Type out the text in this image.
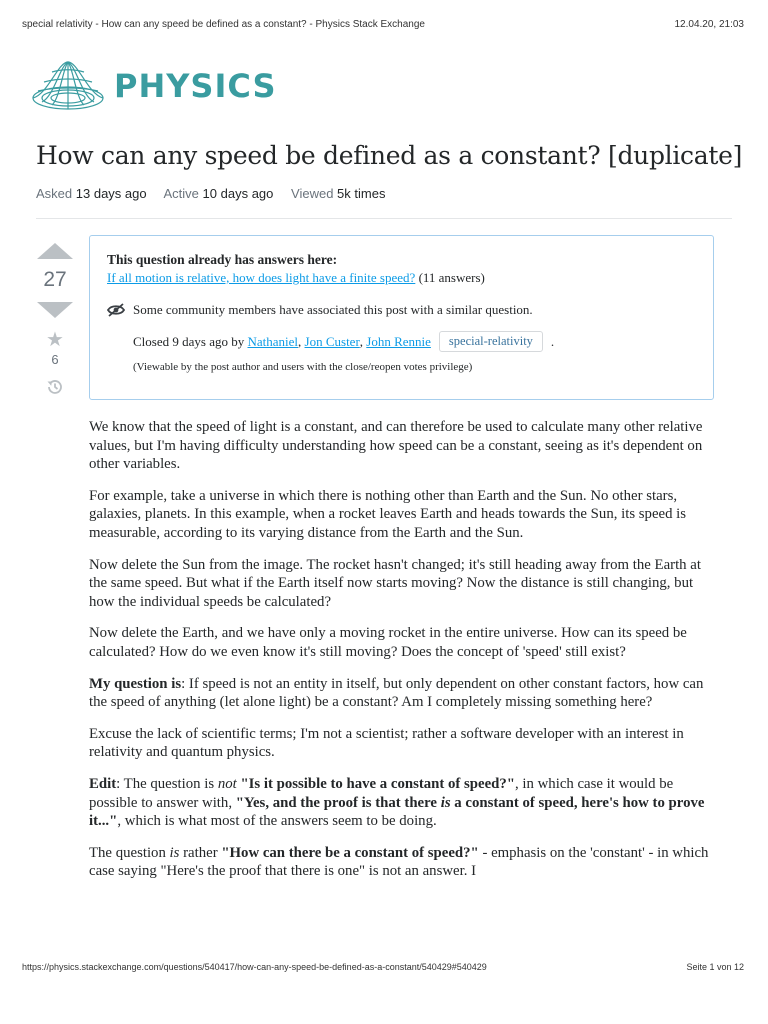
special relativity - How can any speed be defined as a constant? - Physics Stack Exchange	12.04.20, 21:03
PHYSICS
How can any speed be defined as a constant? [duplicate]
Asked 13 days ago Active 10 days ago Viewed 5k times
27
★
6
This question already has answers here:
If all motion is relative, how does light have a finite speed? (11 answers)
Some community members have associated this post with a similar question.
Closed
9 days ago
by
Nathaniel ,
Jon Custer ,
John Rennie	special-relativity	.
(Viewable by the post author and users with the close/reopen votes privilege)

We know that the speed of light is a constant, and can therefore be used to calculate many other relative values, but I'm having difficulty understanding how speed can be a constant, seeing as it's dependent on other variables.

For example, take a universe in which there is nothing other than Earth and the Sun. No other stars, galaxies, planets. In this example, when a rocket leaves Earth and heads towards the Sun, its speed is measurable, according to its varying distance from the Earth and the Sun.

Now delete the Sun from the image. The rocket hasn't changed; it's still heading away from the Earth at the same speed. But what if the Earth itself now starts moving? Now the distance is still changing, but how the individual speeds be calculated?

Now delete the Earth, and we have only a moving rocket in the entire universe. How can its speed be calculated? How do we even know it's still moving? Does the concept of 'speed' still exist?

My question is: If speed is not an entity in itself, but only dependent on other constant factors, how can the speed of anything (let alone light) be a constant? Am I completely missing something here?

Excuse the lack of scientific terms; I'm not a scientist; rather a software developer with an interest in relativity and quantum physics.

Edit: The question is not "Is it possible to have a constant of speed?", in which case it would be possible to answer with, "Yes, and the proof is that there is a constant of speed, here's how to prove it...", which is what most of the answers seem to be doing.

The question is rather "How can there be a constant of speed?" - emphasis on the 'constant' - in which case saying "Here's the proof that there is one" is not an answer. I

https://physics.stackexchange.com/questions/540417/how-can-any-speed-be-defined-as-a-constant/540429#540429	Seite 1 von 12
